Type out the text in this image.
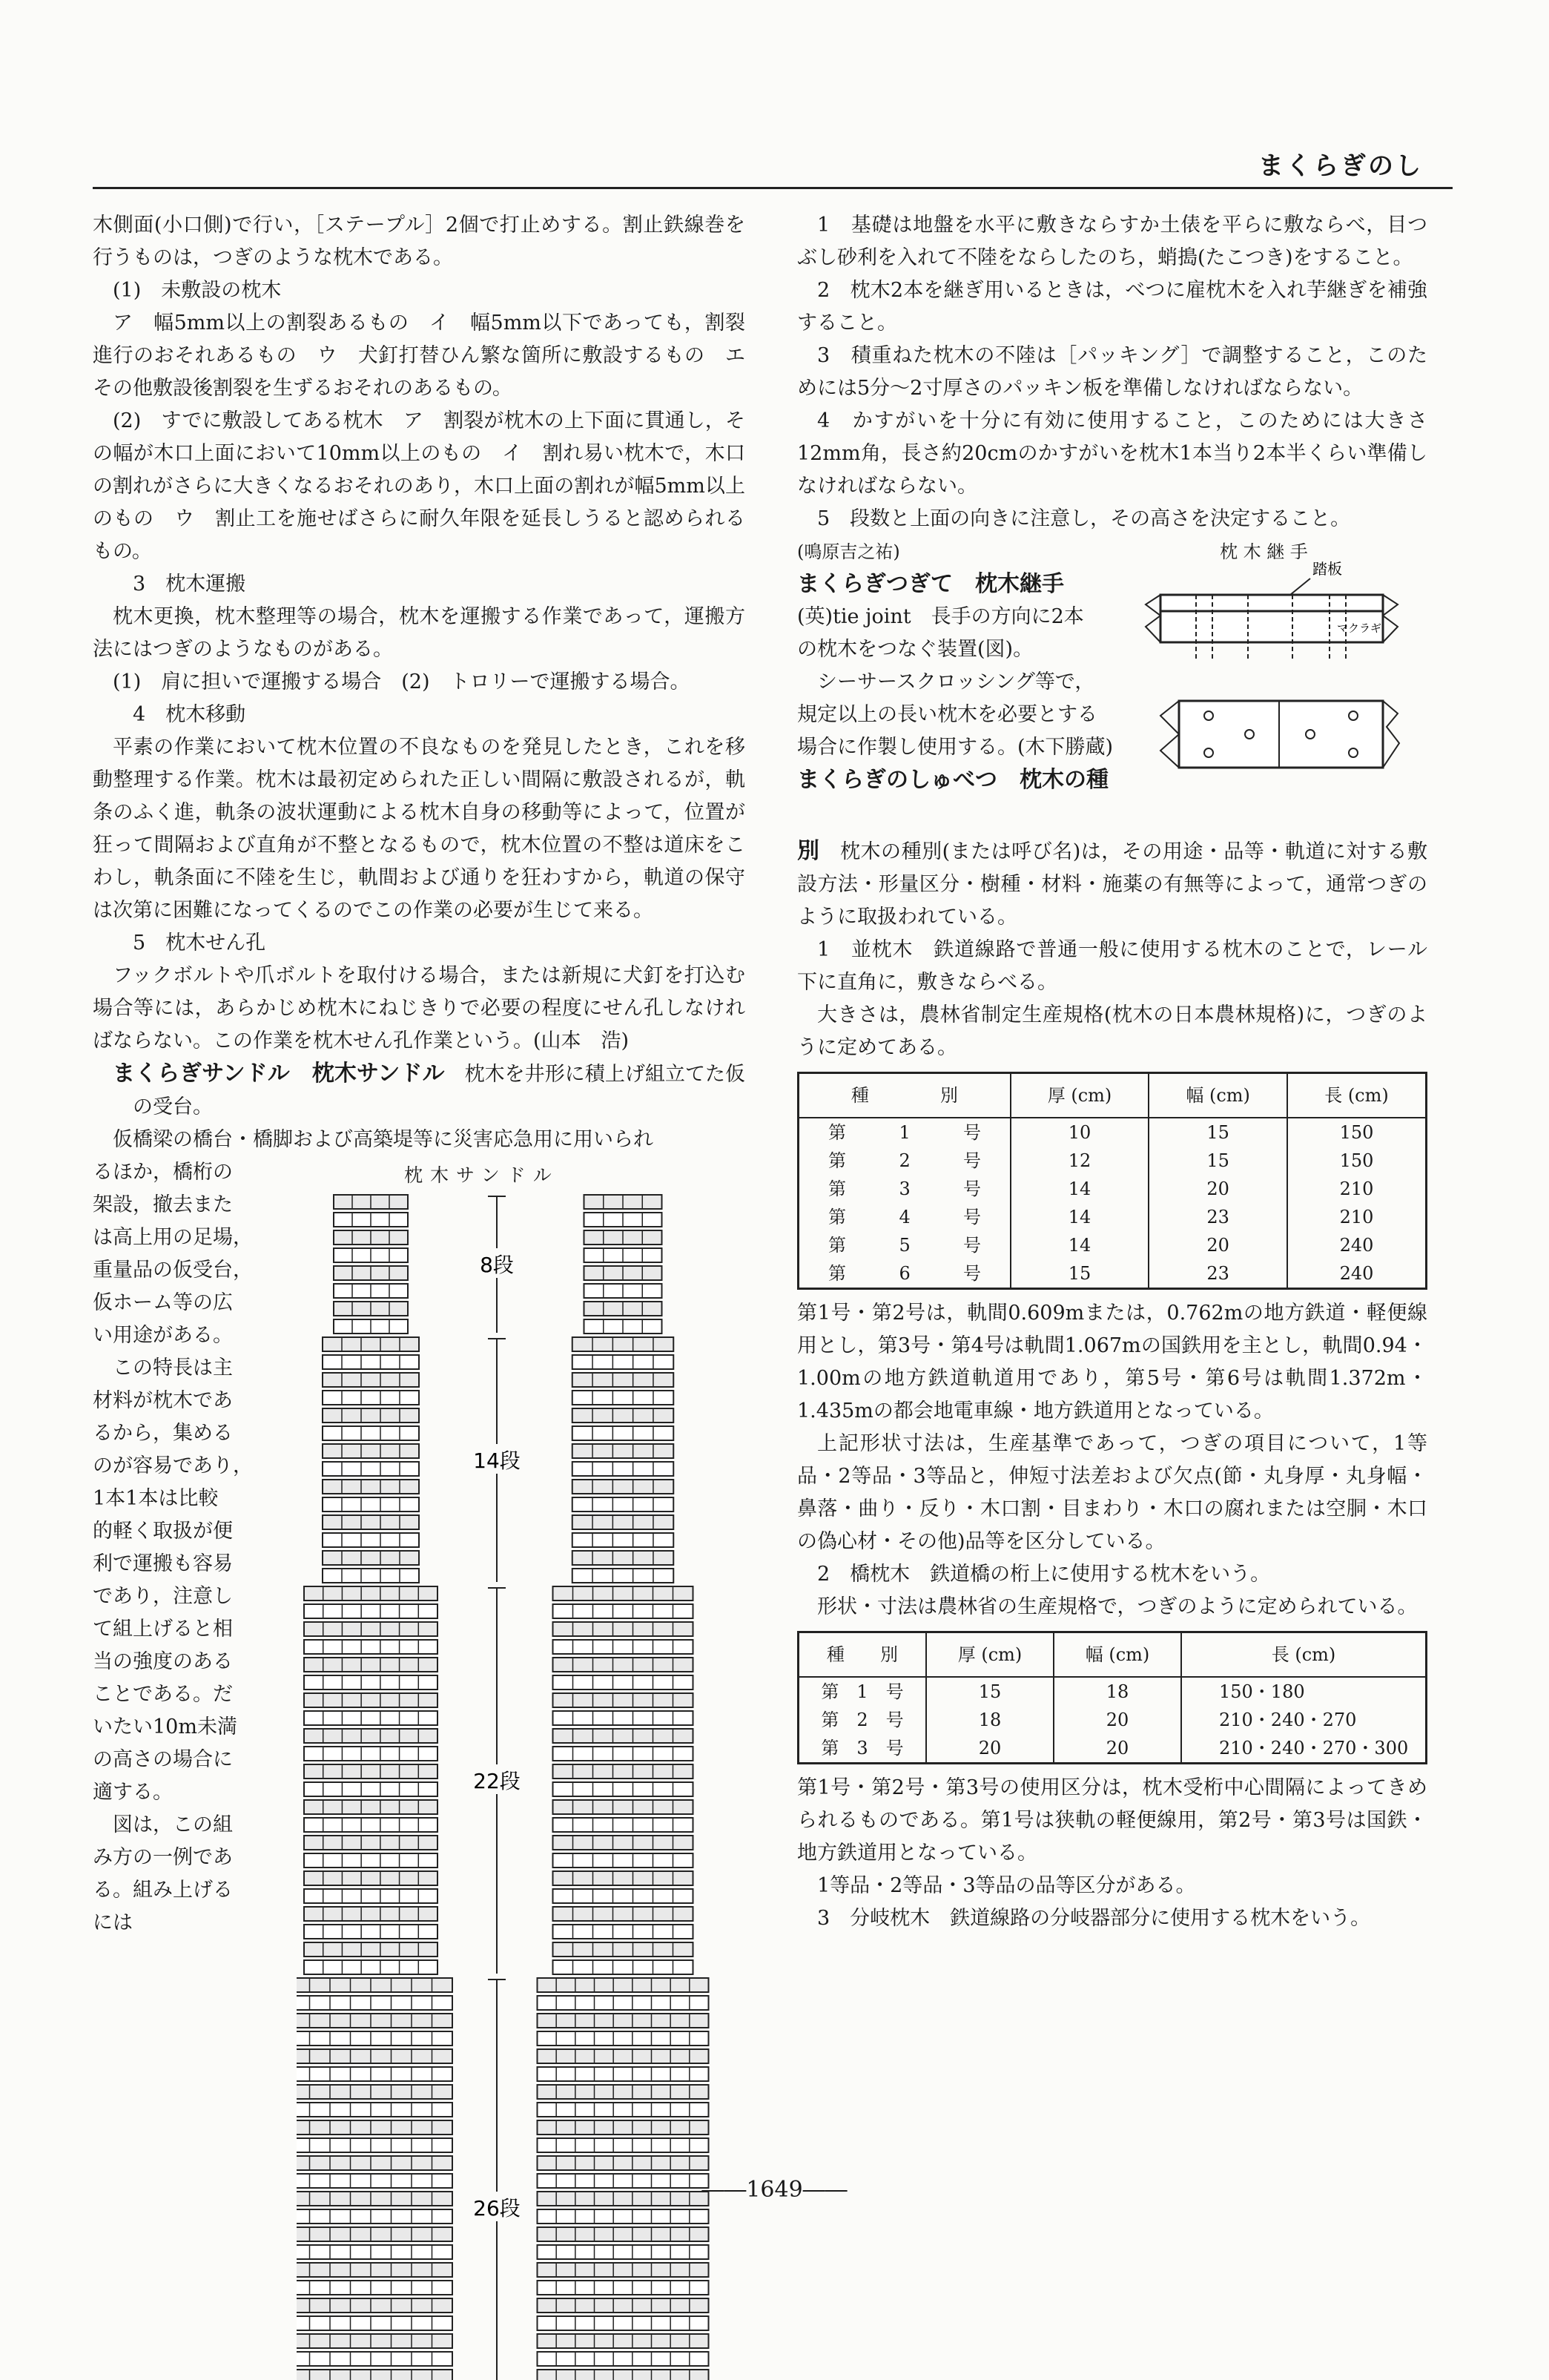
まくらぎのし

木側面(小口側)で行い，［ステープル］2個で打止めする。割止鉄線巻を行うものは，つぎのような枕木である。

(1)　未敷設の枕木

ア　幅5mm以上の割裂あるもの　イ　幅5mm以下であっても，割裂進行のおそれあるもの　ウ　犬釘打替ひん繁な箇所に敷設するもの　エ　その他敷設後割裂を生ずるおそれのあるもの。

(2)　すでに敷設してある枕木　ア　割裂が枕木の上下面に貫通し，その幅が木口上面において10mm以上のもの　イ　割れ易い枕木で，木口の割れがさらに大きくなるおそれのあり，木口上面の割れが幅5mm以上のもの　ウ　割止工を施せばさらに耐久年限を延長しうると認められるもの。

3　枕木運搬

枕木更換，枕木整理等の場合，枕木を運搬する作業であって，運搬方法にはつぎのようなものがある。

(1)　肩に担いで運搬する場合　(2)　トロリーで運搬する場合。

4　枕木移動

平素の作業において枕木位置の不良なものを発見したとき，これを移動整理する作業。枕木は最初定められた正しい間隔に敷設されるが，軌条のふく進，軌条の波状運動による枕木自身の移動等によって，位置が狂って間隔および直角が不整となるもので，枕木位置の不整は道床をこわし，軌条面に不陸を生じ，軌間および通りを狂わすから，軌道の保守は次第に困難になってくるのでこの作業の必要が生じて来る。

5　枕木せん孔

フックボルトや爪ボルトを取付ける場合，または新規に犬釘を打込む場合等には，あらかじめ枕木にねじきりで必要の程度にせん孔しなければならない。この作業を枕木せん孔作業という。(山本　浩)

まくらぎサンドル　枕木サンドル　 枕木を井形に積上げ組立てた仮の受台。

仮橋梁の橋台・橋脚および高築堤等に災害応急用に用いられ

るほか，橋桁の
架設，撤去また
は高上用の足場，
重量品の仮受台，
仮ホーム等の広
い用途がある。
　この特長は主
材料が枕木であ
るから，集める
のが容易であり，
1本1本は比較
的軽く取扱が便
利で運搬も容易
であり，注意し
て組上げると相
当の強度のある
ことである。だ
いたい10m未満
の高さの場合に
適する。
　図は，この組
み方の一例であ
る。組み上げる
には
枕木サンドル
8段
14段
22段
26段

1　基礎は地盤を水平に敷きならすか土俵を平らに敷ならべ，目つぶし砂利を入れて不陸をならしたのち，蛸搗(たこつき)をすること。

2　枕木2本を継ぎ用いるときは，べつに雇枕木を入れ芋継ぎを補強すること。

3　積重ねた枕木の不陸は［パッキング］で調整すること，このためには5分～2寸厚さのパッキン板を準備しなければならない。

4　かすがいを十分に有効に使用すること，このためには大きさ12mm角，長さ約20cmのかすがいを枕木1本当り2本半くらい準備しなければならない。

5　段数と上面の向きに注意し，その高さを決定すること。

(鳴原吉之祐)	枕 木 継 手

まくらぎつぎて　枕木継手

(英)tie joint　長手の方向に2本
の枕木をつなぐ装置(図)。
　シーサースクロッシング等で，
規定以上の長い枕木を必要とする
場合に作製し使用する。(木下勝蔵)

まくらぎのしゅべつ　枕木の種

踏板
マクラギ

別　枕木の種別(または呼び名)は，その用途・品等・軌道に対する敷設方法・形量区分・樹種・材料・施薬の有無等によって，通常つぎのように取扱われている。

1　並枕木　鉄道線路で普通一般に使用する枕木のことで，レール下に直角に，敷きならべる。

大きさは，農林省制定生産規格(枕木の日本農林規格)に，つぎのように定めてある。

種　　　　別			厚 (cm)	幅 (cm)	長 (cm)
第	1	号	10	15	150
第	2	号	12	15	150
第	3	号	14	20	210
第	4	号	14	23	210
第	5	号	14	20	240
第	6	号	15	23	240

第1号・第2号は，軌間0.609mまたは，0.762mの地方鉄道・軽便線用とし，第3号・第4号は軌間1.067mの国鉄用を主とし，軌間0.94・1.00mの地方鉄道軌道用であり，第5号・第6号は軌間1.372m・1.435mの都会地電車線・地方鉄道用となっている。

上記形状寸法は，生産基準であって，つぎの項目について，1等品・2等品・3等品と，伸短寸法差および欠点(節・丸身厚・丸身幅・鼻落・曲り・反り・木口割・目まわり・木口の腐れまたは空胴・木口の偽心材・その他)品等を区分している。

2　橋枕木　鉄道橋の桁上に使用する枕木をいう。

形状・寸法は農林省の生産規格で，つぎのように定められている。

種　　別	厚 (cm)	幅 (cm)	長 (cm)
第　1　号	15	18	150・180
第　2　号	18	20	210・240・270
第　3　号	20	20	210・240・270・300

第1号・第2号・第3号の使用区分は，枕木受桁中心間隔によってきめられるものである。第1号は狭軌の軽便線用，第2号・第3号は国鉄・地方鉄道用となっている。

1等品・2等品・3等品の品等区分がある。

3　分岐枕木　鉄道線路の分岐器部分に使用する枕木をいう。

――1649――
